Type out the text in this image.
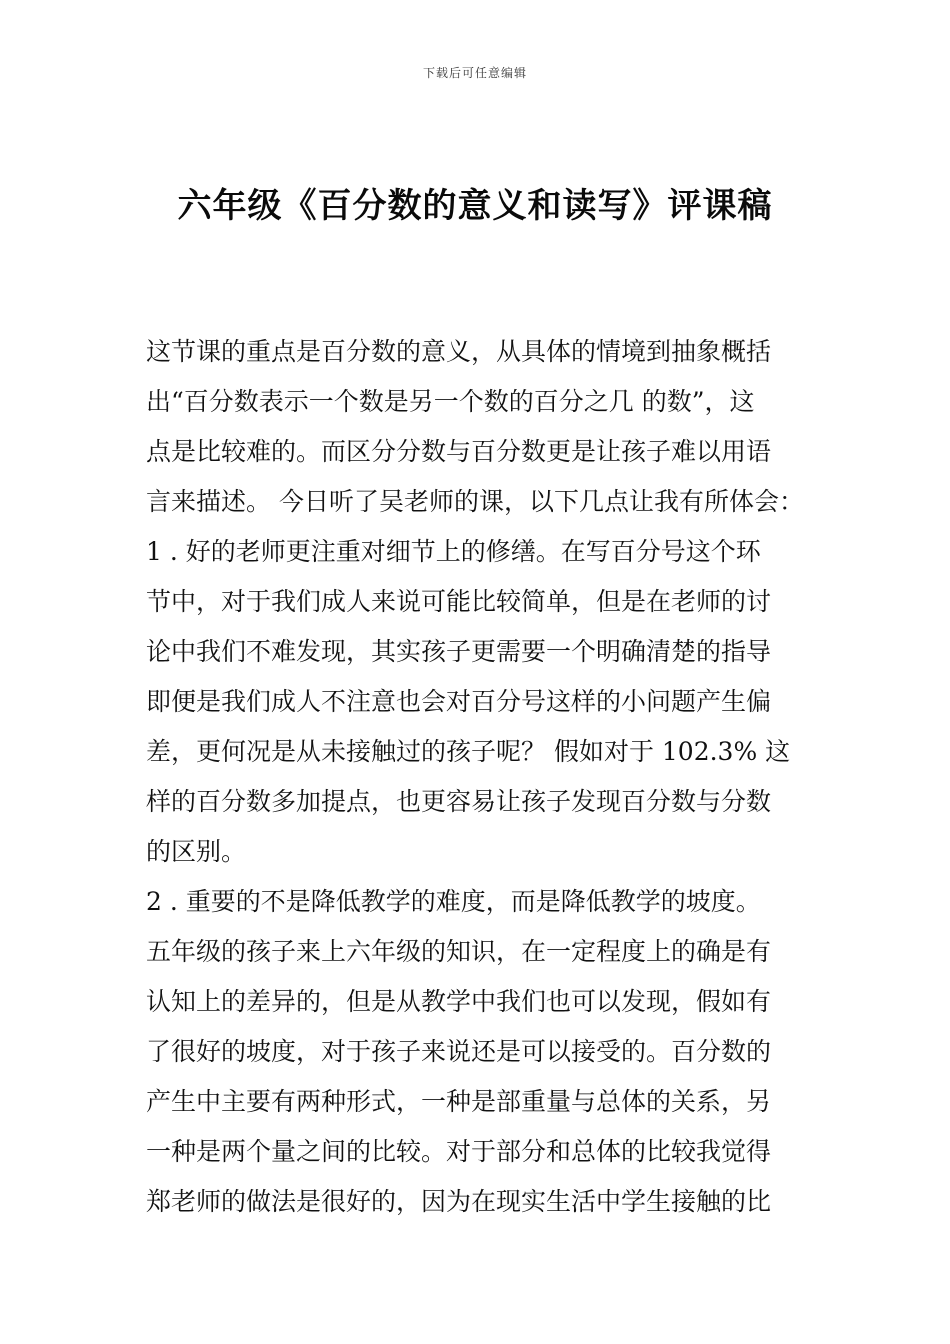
下载后可任意编辑
六年级《百分数的意义和读写》评课稿
这节课的重点是百分数的意义，从具体的情境到抽象概括
出“百分数表示一个数是另一个数的百分之几 的数”，这
点是比较难的。而区分分数与百分数更是让孩子难以用语
言来描述。 今日听了吴老师的课，以下几点让我有所体会：
1 . 好的老师更注重对细节上的修缮。在写百分号这个环
节中，对于我们成人来说可能比较简单，但是在老师的讨
论中我们不难发现，其实孩子更需要一个明确清楚的指导
即便是我们成人不注意也会对百分号这样的小问题产生偏
差，更何况是从未接触过的孩子呢？ 假如对于 102.3% 这
样的百分数多加提点，也更容易让孩子发现百分数与分数
的区别。
2 . 重要的不是降低教学的难度，而是降低教学的坡度。
五年级的孩子来上六年级的知识，在一定程度上的确是有
认知上的差异的，但是从教学中我们也可以发现，假如有
了很好的坡度，对于孩子来说还是可以接受的。百分数的
产生中主要有两种形式，一种是部重量与总体的关系，另
一种是两个量之间的比较。对于部分和总体的比较我觉得
郑老师的做法是很好的，因为在现实生活中学生接触的比
